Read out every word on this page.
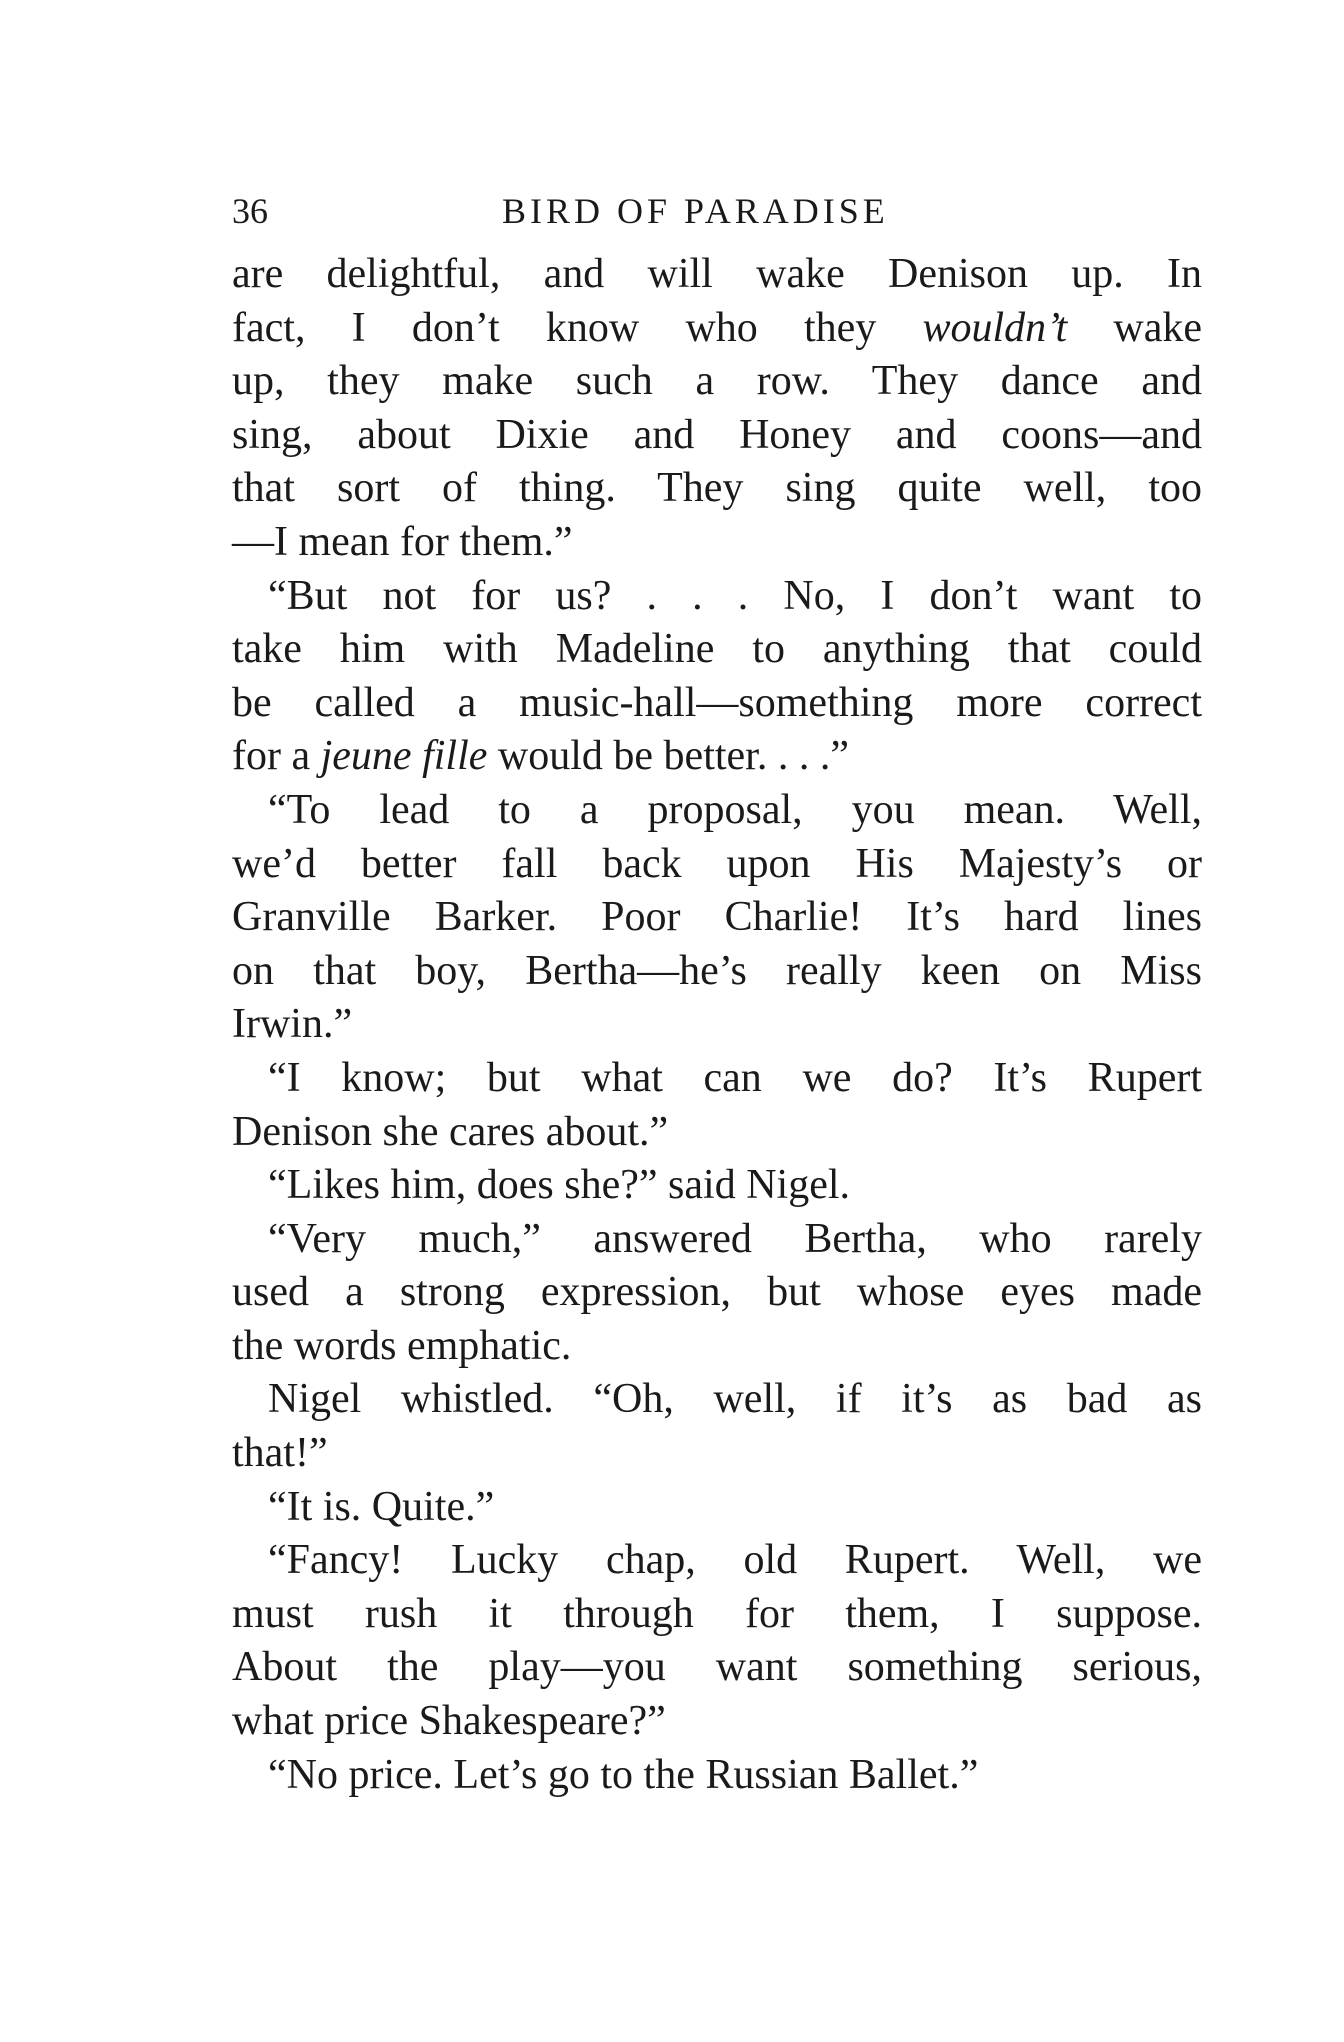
36	BIRD OF PARADISE
are delightful, and will wake Denison up. In
fact, I don’t know who they wouldn’t wake
up, they make such a row. They dance and
sing, about Dixie and Honey and coons—and
that sort of thing. They sing quite well, too
—I mean for them.”
“But not for us? . . . No, I don’t want to
take him with Madeline to anything that could
be called a music-hall—something more correct
for a jeune fille would be better. . . .”
“To lead to a proposal, you mean. Well,
we’d better fall back upon His Majesty’s or
Granville Barker. Poor Charlie! It’s hard lines
on that boy, Bertha—he’s really keen on Miss
Irwin.”
“I know; but what can we do? It’s Rupert
Denison she cares about.”
“Likes him, does she?” said Nigel.
“Very much,” answered Bertha, who rarely
used a strong expression, but whose eyes made
the words emphatic.
Nigel whistled. “Oh, well, if it’s as bad as
that!”
“It is. Quite.”
“Fancy! Lucky chap, old Rupert. Well, we
must rush it through for them, I suppose.
About the play—you want something serious,
what price Shakespeare?”
“No price. Let’s go to the Russian Ballet.”
